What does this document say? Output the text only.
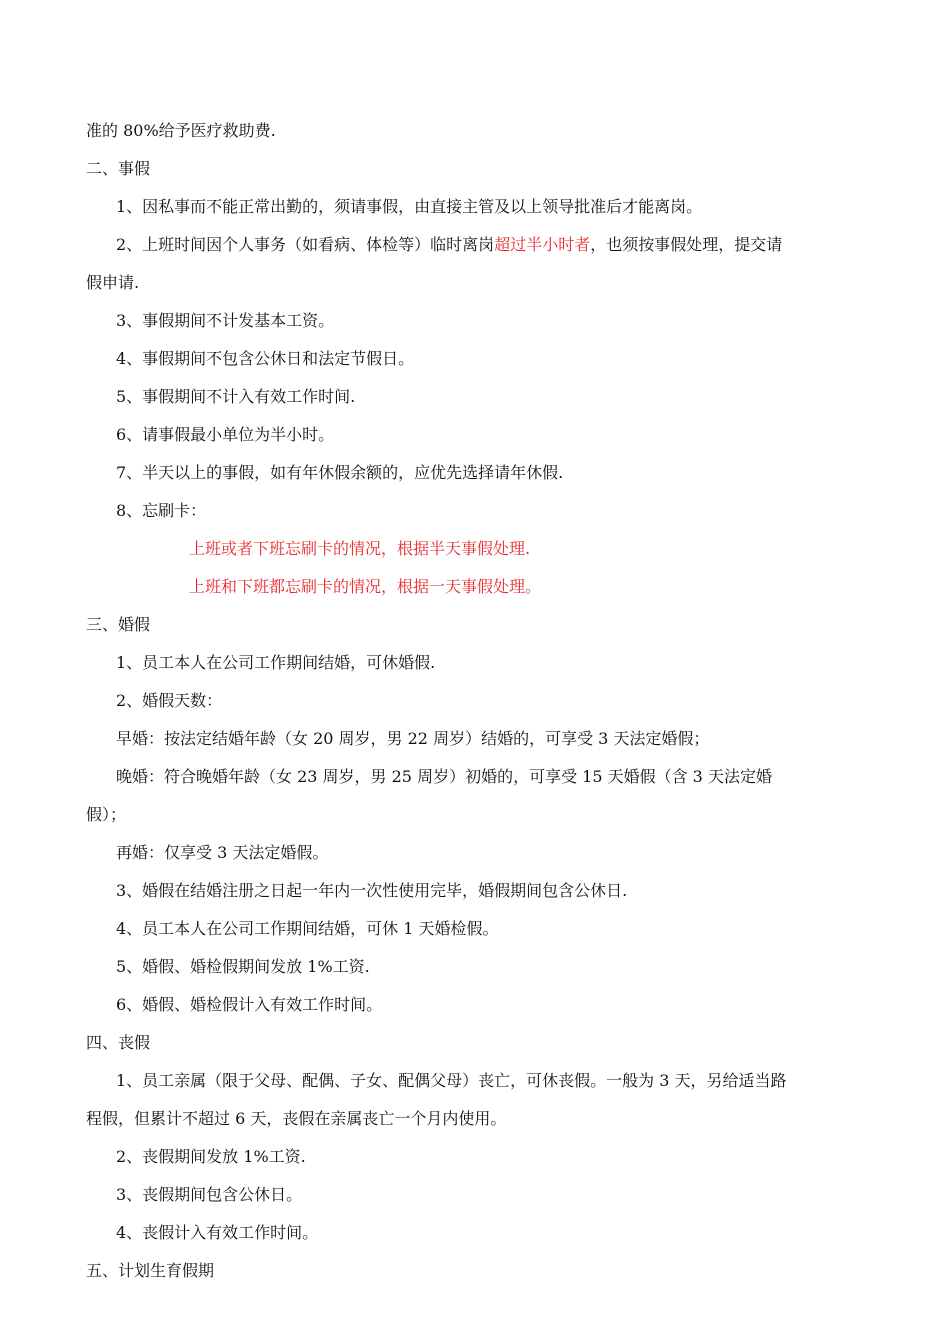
准的 80%给予医疗救助费.
二、事假
1、因私事而不能正常出勤的，须请事假，由直接主管及以上领导批准后才能离岗。
2、上班时间因个人事务（如看病、体检等）临时离岗超过半小时者，也须按事假处理，提交请
假申请.
3、事假期间不计发基本工资。
4、事假期间不包含公休日和法定节假日。
5、事假期间不计入有效工作时间.
6、请事假最小单位为半小时。
7、半天以上的事假，如有年休假余额的，应优先选择请年休假.
8、忘刷卡：
上班或者下班忘刷卡的情况，根据半天事假处理.
上班和下班都忘刷卡的情况，根据一天事假处理。
三、婚假
1、员工本人在公司工作期间结婚，可休婚假.
2、婚假天数：
早婚：按法定结婚年龄（女 20 周岁，男 22 周岁）结婚的，可享受 3 天法定婚假；
晚婚：符合晚婚年龄（女 23 周岁，男 25 周岁）初婚的，可享受 15 天婚假（含 3 天法定婚
假）；
再婚：仅享受 3 天法定婚假。
3、婚假在结婚注册之日起一年内一次性使用完毕，婚假期间包含公休日.
4、员工本人在公司工作期间结婚，可休 1 天婚检假。
5、婚假、婚检假期间发放 1%工资.
6、婚假、婚检假计入有效工作时间。
四、丧假
1、员工亲属（限于父母、配偶、子女、配偶父母）丧亡，可休丧假。一般为 3 天，另给适当路
程假，但累计不超过 6 天，丧假在亲属丧亡一个月内使用。
2、丧假期间发放 1%工资.
3、丧假期间包含公休日。
4、丧假计入有效工作时间。
五、计划生育假期
